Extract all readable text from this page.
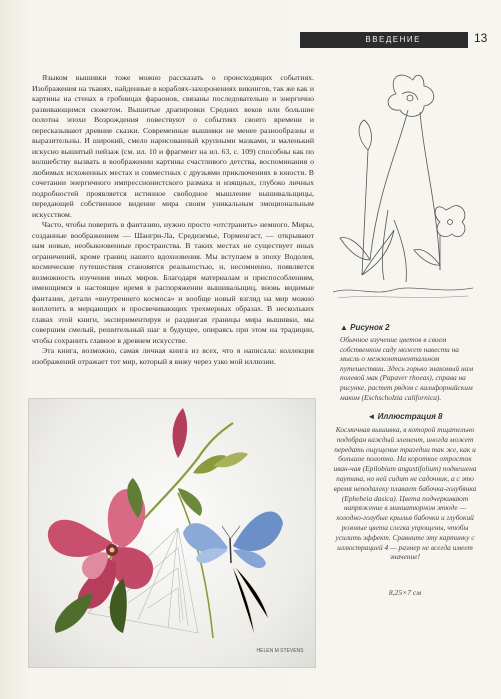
ВВЕДЕНИЕ	13

Языком вышивки тоже можно рассказать о происходящих событиях. Изображения на тканях, найденные в кораблях-захоронениях викингов, так же как и картины на стенах в гробницах фараонов, связаны последовательно и энергично развивающимся сюжетом. Вышитые драпировки Средних веков или большие полотна эпохи Возрождения повествуют о событиях своего времени и пересказывают древние сказки. Современные вышивки не менее разнообразны и выразительны. И широкий, смело нарисованный крупными мазками, и маленький искусно вышитый пейзаж (см. ил. 10 и фрагмент на ил. 63, с. 109) способны как по волшебству вызвать в воображении картины счастливого детства, воспоминания о любимых исхоженных местах и совместных с друзьями приключениях в юности. В сочетании энергичного импрессионистского размаха и изящных, глубоко личных подробностей проявляется истинное свободное мышление вышивальщицы, передающей собственное видение мира своим уникальным эмоциональным искусством.

Часто, чтобы поверить в фантазию, нужно просто «отстранить» немного. Миры, созданные воображением — Шангри-Ла, Средиземье, Горменгаст, — открывают нам новые, необыкновенные пространства. В таких местах не существует иных ограничений, кроме границ нашего вдохновения. Мы вступаем в эпоху Водолея, космические путешествия становятся реальностью, и, несомненно, появляется возможность изучения иных миров. Благодаря материалам и приспособлениям, имеющимся в настоящее время в распоряжении вышивальщиц, вновь видимые фантазии, детали «внутреннего космоса» и вообще новый взгляд на мир можно воплотить в мерцающих и просвечивающих трехмерных образах. В нескольких главах этой книги, экспериментируя и раздвигая границы мира вышивки, мы совершим смелый, решительный шаг в будущее, опираясь при этом на традиции, чтобы сохранить главное в древнем искусстве.

Эта книга, возможно, самая личная книга из всех, что я написала: коллекция изображений отражает тот мир, который я вижу через узко мой иллюзии.

▲ Рисунок 2
Обычное изучение цветов в своем собственном саду может навести на мысль о межконтинентальном путешествии. Здесь горько знакомый нам полевой мак (Papaver rhoeas), справа на рисунке, растет рядом с калифорнийским маком (Eschscholzia californica).
◄ Иллюстрация 8
Космичная вышивка, в которой тщательно подобран каждый элемент, иногда может передать ощущение трагедии так же, как и большое полотно. На короткое отросток иван-чая (Epilobium angustifolium) подвешена паутина, но ней сидит не садочник, а с это время неподалеку плавает бабочка-голубянка (Ephebeia dasica). Цвета подчеркивают напряжение в миниатюрном этюде — холодно-голубые крылья бабочки и глубокий розовые цвета слегка упрощены, чтобы усилить эффект. Сравните эту картинку с иллюстрацией 4 — размер не всегда имеет значение!
8,25×7 см
HELEN M STEVENS
